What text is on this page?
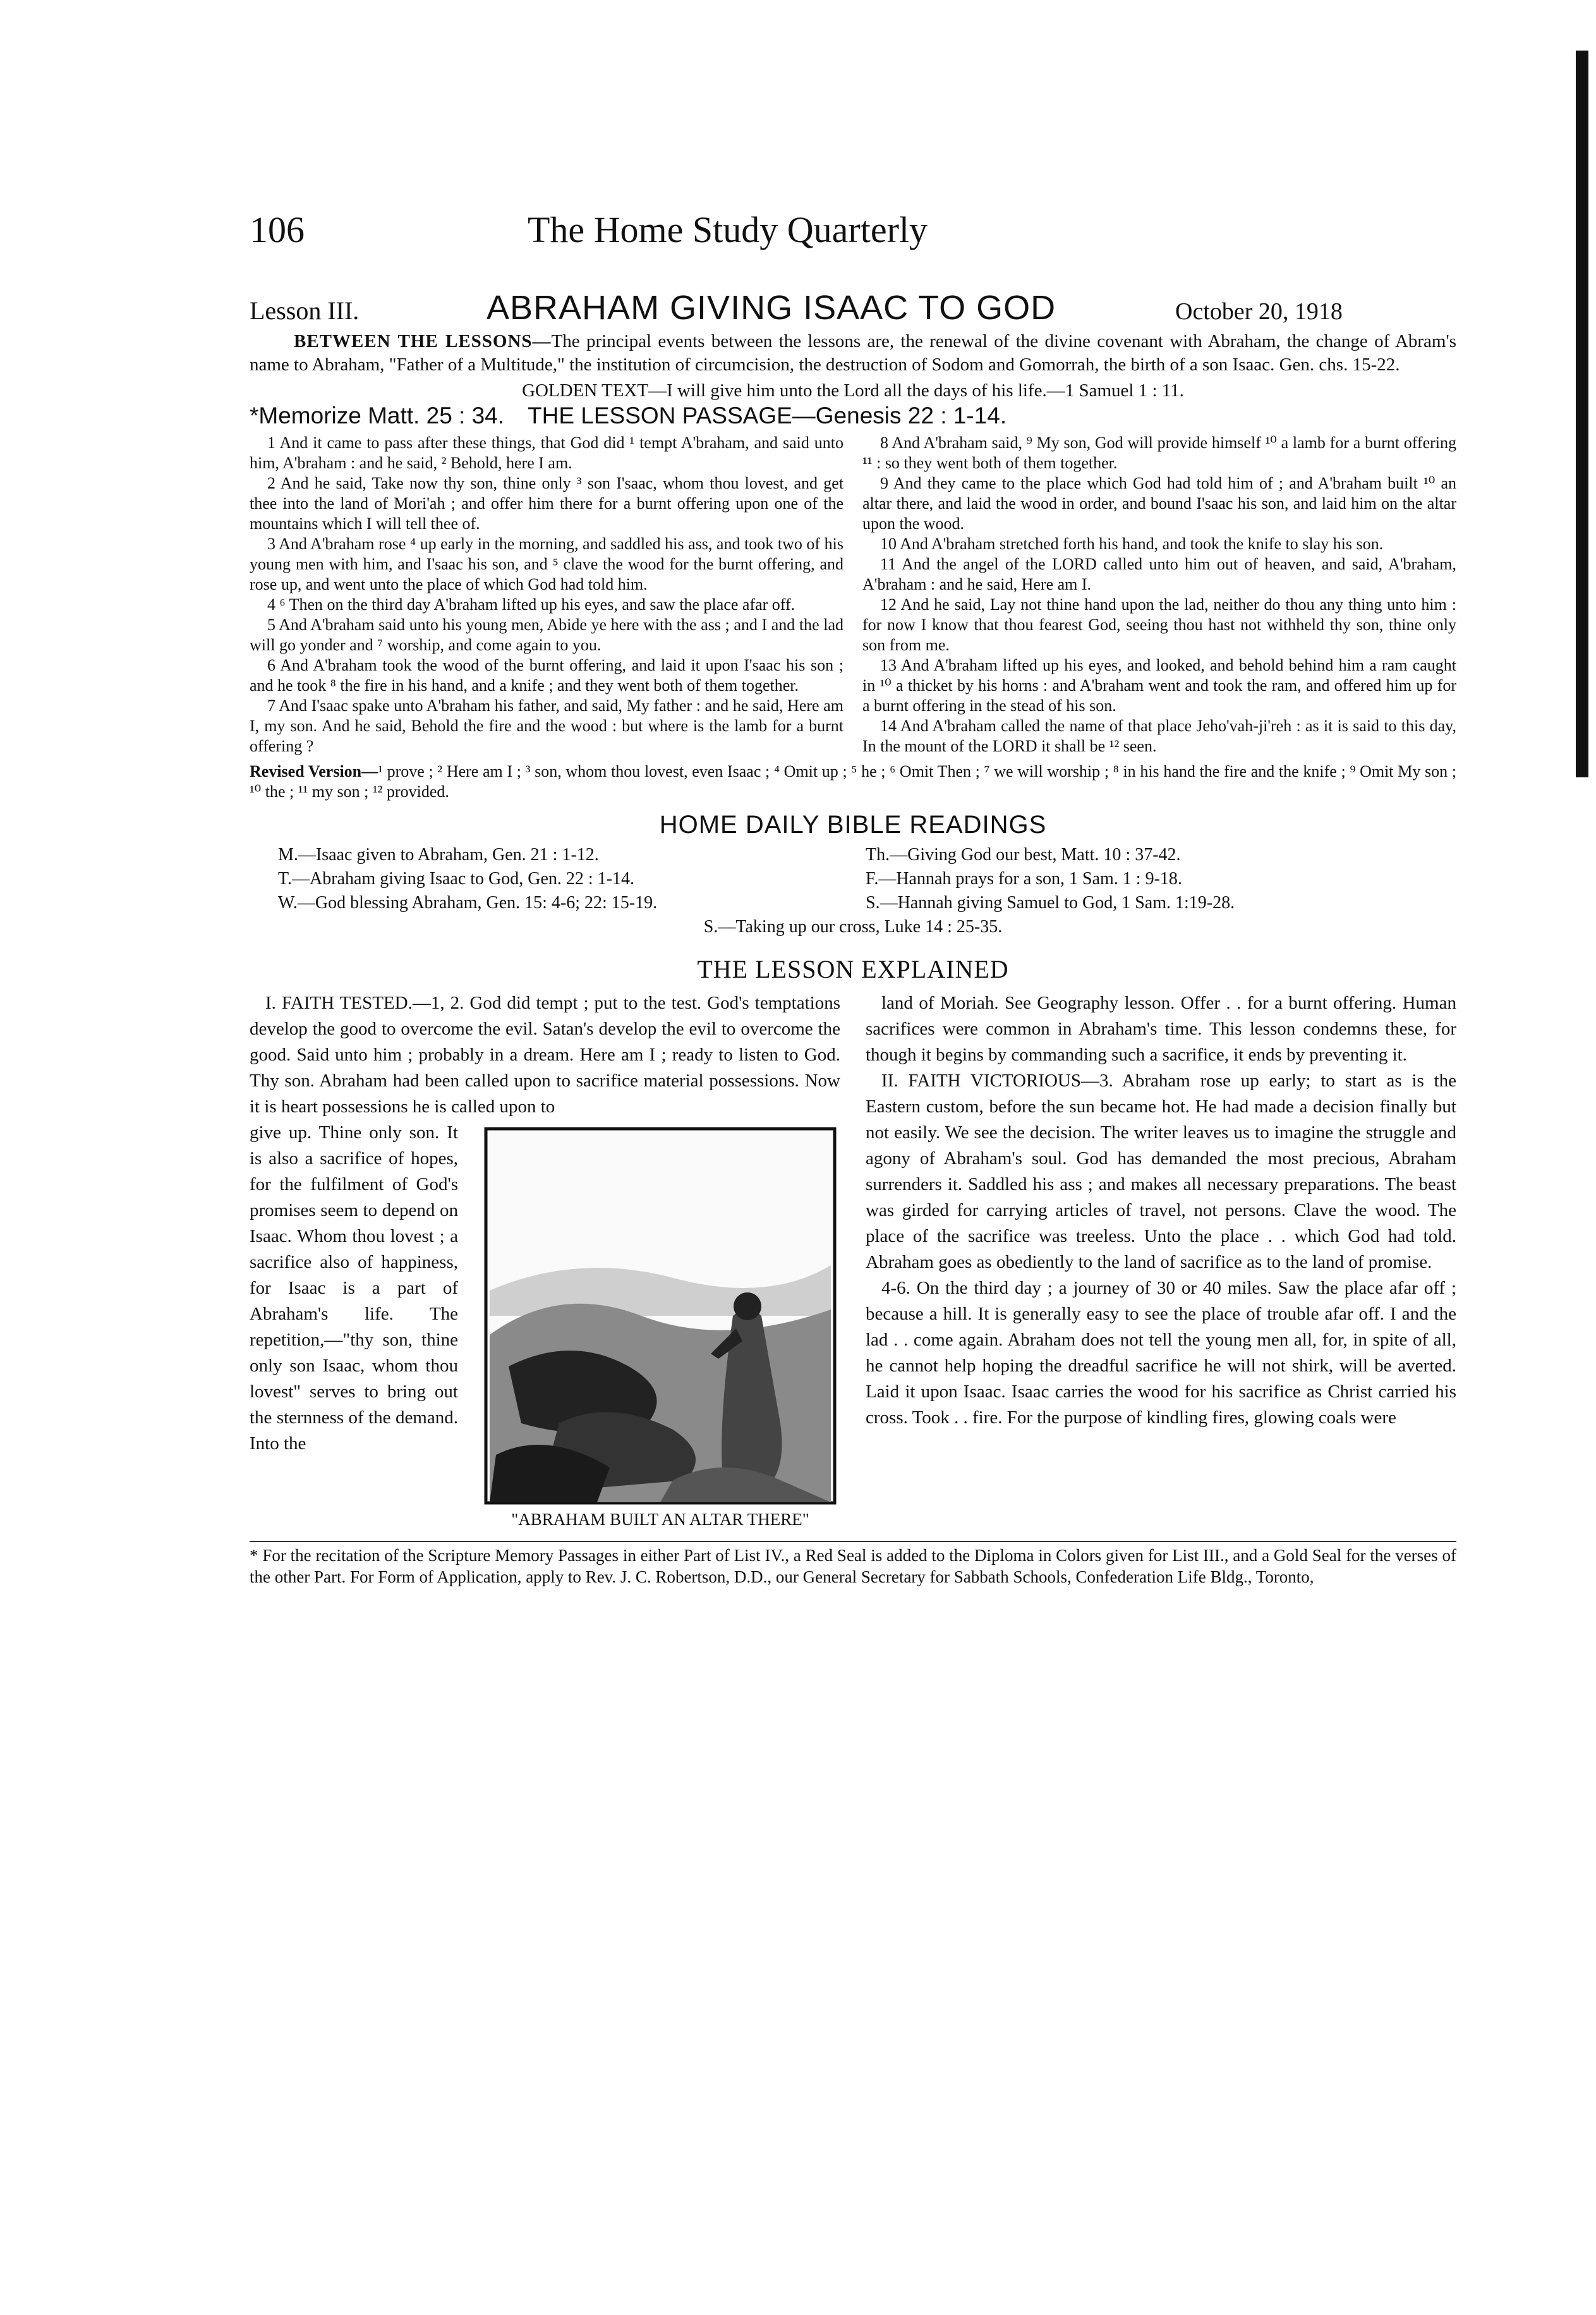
106	The Home Study Quarterly
Lesson III.	ABRAHAM GIVING ISAAC TO GOD	October 20, 1918
BETWEEN THE LESSONS—The principal events between the lessons are, the renewal of the divine covenant with Abraham, the change of Abram's name to Abraham, "Father of a Multitude," the institution of circumcision, the destruction of Sodom and Gomorrah, the birth of a son Isaac. Gen. chs. 15-22.
GOLDEN TEXT—I will give him unto the Lord all the days of his life.—1 Samuel 1 : 11.
*Memorize Matt. 25 : 34. THE LESSON PASSAGE—Genesis 22 : 1-14.

1 And it came to pass after these things, that God did ¹ tempt A'braham, and said unto him, A'braham : and he said, ² Behold, here I am.

2 And he said, Take now thy son, thine only ³ son I'saac, whom thou lovest, and get thee into the land of Mori'ah ; and offer him there for a burnt offering upon one of the mountains which I will tell thee of.

3 And A'braham rose ⁴ up early in the morning, and saddled his ass, and took two of his young men with him, and I'saac his son, and ⁵ clave the wood for the burnt offering, and rose up, and went unto the place of which God had told him.

4 ⁶ Then on the third day A'braham lifted up his eyes, and saw the place afar off.

5 And A'braham said unto his young men, Abide ye here with the ass ; and I and the lad will go yonder and ⁷ worship, and come again to you.

6 And A'braham took the wood of the burnt offering, and laid it upon I'saac his son ; and he took ⁸ the fire in his hand, and a knife ; and they went both of them together.

7 And I'saac spake unto A'braham his father, and said, My father : and he said, Here am I, my son. And he said, Behold the fire and the wood : but where is the lamb for a burnt offering ?

8 And A'braham said, ⁹ My son, God will provide himself ¹⁰ a lamb for a burnt offering ¹¹ : so they went both of them together.

9 And they came to the place which God had told him of ; and A'braham built ¹⁰ an altar there, and laid the wood in order, and bound I'saac his son, and laid him on the altar upon the wood.

10 And A'braham stretched forth his hand, and took the knife to slay his son.

11 And the angel of the LORD called unto him out of heaven, and said, A'braham, A'braham : and he said, Here am I.

12 And he said, Lay not thine hand upon the lad, neither do thou any thing unto him : for now I know that thou fearest God, seeing thou hast not withheld thy son, thine only son from me.

13 And A'braham lifted up his eyes, and looked, and behold behind him a ram caught in ¹⁰ a thicket by his horns : and A'braham went and took the ram, and offered him up for a burnt offering in the stead of his son.

14 And A'braham called the name of that place Jeho'vah-ji'reh : as it is said to this day, In the mount of the LORD it shall be ¹² seen.

Revised Version—¹ prove ; ² Here am I ; ³ son, whom thou lovest, even Isaac ; ⁴ Omit up ; ⁵ he ; ⁶ Omit Then ; ⁷ we will worship ; ⁸ in his hand the fire and the knife ; ⁹ Omit My son ; ¹⁰ the ; ¹¹ my son ; ¹² provided.
HOME DAILY BIBLE READINGS
M.—Isaac given to Abraham, Gen. 21 : 1-12.	Th.—Giving God our best, Matt. 10 : 37-42.
T.—Abraham giving Isaac to God, Gen. 22 : 1-14.	F.—Hannah prays for a son, 1 Sam. 1 : 9-18.
W.—God blessing Abraham, Gen. 15: 4-6; 22: 15-19.	S.—Hannah giving Samuel to God, 1 Sam. 1:19-28.
S.—Taking up our cross, Luke 14 : 25-35.
THE LESSON EXPLAINED

I. FAITH TESTED.—1, 2. God did tempt ; put to the test. God's temptations develop the good to overcome the evil. Satan's develop the evil to overcome the good. Said unto him ; probably in a dream. Here am I ; ready to listen to God. Thy son. Abraham had been called upon to sacrifice material possessions. Now it is heart possessions he is called upon to

give up. Thine only son. It is also a sacrifice of hopes, for the fulfilment of God's promises seem to depend on Isaac. Whom thou lovest ; a sacrifice also of happiness, for Isaac is a part of Abraham's life. The repetition,—"thy son, thine only son Isaac, whom thou lovest" serves to bring out the sternness of the demand. Into the
"ABRAHAM BUILT AN ALTAR THERE"

land of Moriah. See Geography lesson. Offer . . for a burnt offering. Human sacrifices were common in Abraham's time. This lesson condemns these, for though it begins by commanding such a sacrifice, it ends by preventing it.

II. FAITH VICTORIOUS—3. Abraham rose up early; to start as is the Eastern custom, before the sun became hot. He had made a decision finally but not easily. We see the decision. The writer leaves us to imagine the struggle and agony of Abraham's soul. God has demanded the most precious, Abraham surrenders it. Saddled his ass ; and makes all necessary preparations. The beast was girded for carrying articles of travel, not persons. Clave the wood. The place of the sacrifice was treeless. Unto the place . . which God had told. Abraham goes as obediently to the land of sacrifice as to the land of promise.

4-6. On the third day ; a journey of 30 or 40 miles. Saw the place afar off ; because a hill. It is generally easy to see the place of trouble afar off. I and the lad . . come again. Abraham does not tell the young men all, for, in spite of all, he cannot help hoping the dreadful sacrifice he will not shirk, will be averted. Laid it upon Isaac. Isaac carries the wood for his sacrifice as Christ carried his cross. Took . . fire. For the purpose of kindling fires, glowing coals were

* For the recitation of the Scripture Memory Passages in either Part of List IV., a Red Seal is added to the Diploma in Colors given for List III., and a Gold Seal for the verses of the other Part. For Form of Application, apply to Rev. J. C. Robertson, D.D., our General Secretary for Sabbath Schools, Confederation Life Bldg., Toronto,
